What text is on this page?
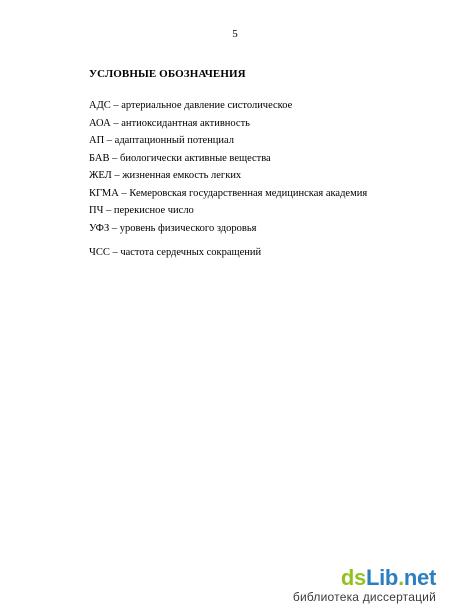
5
УСЛОВНЫЕ ОБОЗНАЧЕНИЯ
АДС – артериальное давление систолическое
АОА – антиоксидантная активность
АП – адаптационный потенциал
БАВ – биологически активные вещества
ЖЕЛ – жизненная емкость легких
КГМА – Кемеровская государственная медицинская академия
ПЧ – перекисное число
УФЗ – уровень физического здоровья
ЧСС – частота сердечных сокращений
dsLib.net
библиотека диссертаций
